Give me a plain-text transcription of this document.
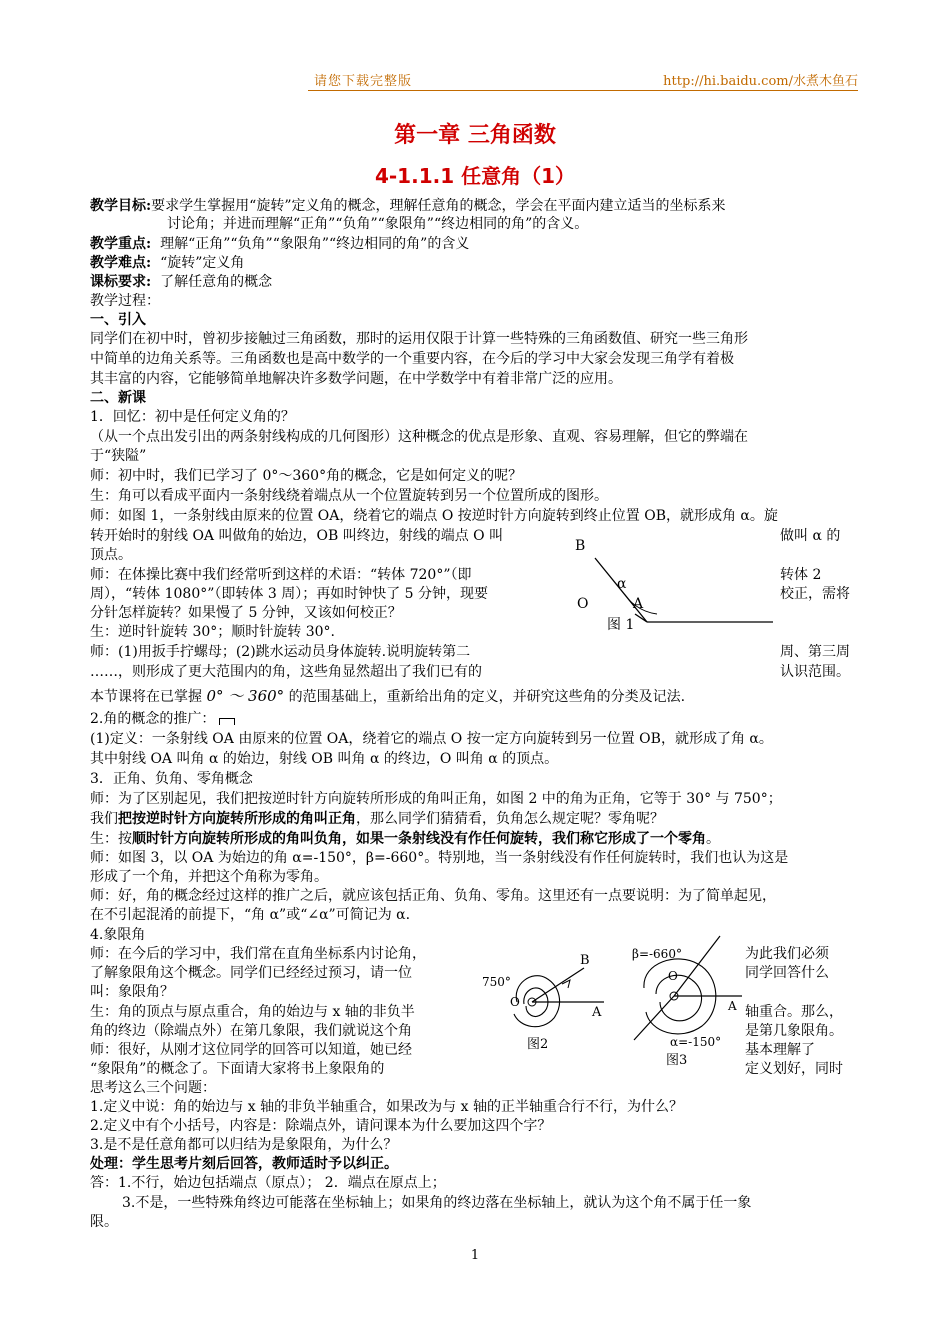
请您下载完整版	http://hi.baidu.com/水煮木鱼石
第一章 三角函数
4-1.1.1 任意角（1）
教学目标:要求学生掌握用“旋转”定义角的概念，理解任意角的概念，学会在平面内建立适当的坐标系来
讨论角；并进而理解“正角”“负角”“象限角”“终边相同的角”的含义。
教学重点: 理解“正角”“负角”“象限角”“终边相同的角”的含义
教学难点: “旋转”定义角
课标要求: 了解任意角的概念
教学过程：
一、引入
同学们在初中时，曾初步接触过三角函数，那时的运用仅限于计算一些特殊的三角函数值、研究一些三角形
中简单的边角关系等。三角函数也是高中数学的一个重要内容，在今后的学习中大家会发现三角学有着极
其丰富的内容，它能够简单地解决许多数学问题，在中学数学中有着非常广泛的应用。
二、新课
1．回忆：初中是任何定义角的？
（从一个点出发引出的两条射线构成的几何图形）这种概念的优点是形象、直观、容易理解，但它的弊端在
于“狭隘”
师：初中时，我们已学习了 0°～360°角的概念，它是如何定义的呢？
生：角可以看成平面内一条射线绕着端点从一个位置旋转到另一个位置所成的图形。
师：如图 1，一条射线由原来的位置 OA，绕着它的端点 O 按逆时针方向旋转到终止位置 OB，就形成角 α。旋
转开始时的射线 OA 叫做角的始边，OB 叫终边，射线的端点 O 叫	做叫 α 的
顶点。
师：在体操比赛中我们经常听到这样的术语：“转体 720°”（即	转体 2
周），“转体 1080°”（即转体 3 周）；再如时钟快了 5 分钟，现要	校正，需将
分针怎样旋转？如果慢了 5 分钟，又该如何校正？
生：逆时针旋转 30°；顺时针旋转 30°.
师：(1)用扳手拧螺母；(2)跳水运动员身体旋转.说明旋转第二	周、第三周
……，则形成了更大范围内的角，这些角显然超出了我们已有的	认识范围。
本节课将在已掌握 0° ～ 360° 的范围基础上，重新给出角的定义，并研究这些角的分类及记法.
2.角的概念的推广：
(1)定义：一条射线 OA 由原来的位置 OA，绕着它的端点 O 按一定方向旋转到另一位置 OB，就形成了角 α。
其中射线 OA 叫角 α 的始边，射线 OB 叫角 α 的终边，O 叫角 α 的顶点。
3．正角、负角、零角概念
师：为了区别起见，我们把按逆时针方向旋转所形成的角叫正角，如图 2 中的角为正角，它等于 30° 与 750°；
我们把按逆时针方向旋转所形成的角叫正角，那么同学们猜猜看，负角怎么规定呢？零角呢？
生：按顺时针方向旋转所形成的角叫负角，如果一条射线没有作任何旋转，我们称它形成了一个零角。
师：如图 3，以 OA 为始边的角 α=-150°，β=-660°。特别地，当一条射线没有作任何旋转时，我们也认为这是
形成了一个角，并把这个角称为零角。
师：好，角的概念经过这样的推广之后，就应该包括正角、负角、零角。这里还有一点要说明：为了简单起见，
在不引起混淆的前提下，“角 α”或“∠α”可简记为 α.
4.象限角
师：在今后的学习中，我们常在直角坐标系内讨论角，	为此我们必须
了解象限角这个概念。同学们已经经过预习，请一位	同学回答什么
叫：象限角？
生：角的顶点与原点重合，角的始边与 x 轴的非负半	轴重合。那么，
角的终边（除端点外）在第几象限，我们就说这个角	是第几象限角。
师：很好，从刚才这位同学的回答可以知道，她已经	基本理解了
“象限角”的概念了。下面请大家将书上象限角的	定义划好，同时
思考这么三个问题：
1.定义中说：角的始边与 x 轴的非负半轴重合，如果改为与 x 轴的正半轴重合行不行，为什么？
2.定义中有个小括号，内容是：除端点外，请问课本为什么要加这四个字？
3.是不是任意角都可以归结为是象限角，为什么？
处理：学生思考片刻后回答，教师适时予以纠正。
答：1.不行，始边包括端点（原点）； 2．端点在原点上；
3.不是，一些特殊角终边可能落在坐标轴上；如果角的终边落在坐标轴上，就认为这个角不属于任一象
限。
B
O
α
A
图 1
750°
O
B
A
图2
β=-660°
O
A
α=-150°
图3
1
